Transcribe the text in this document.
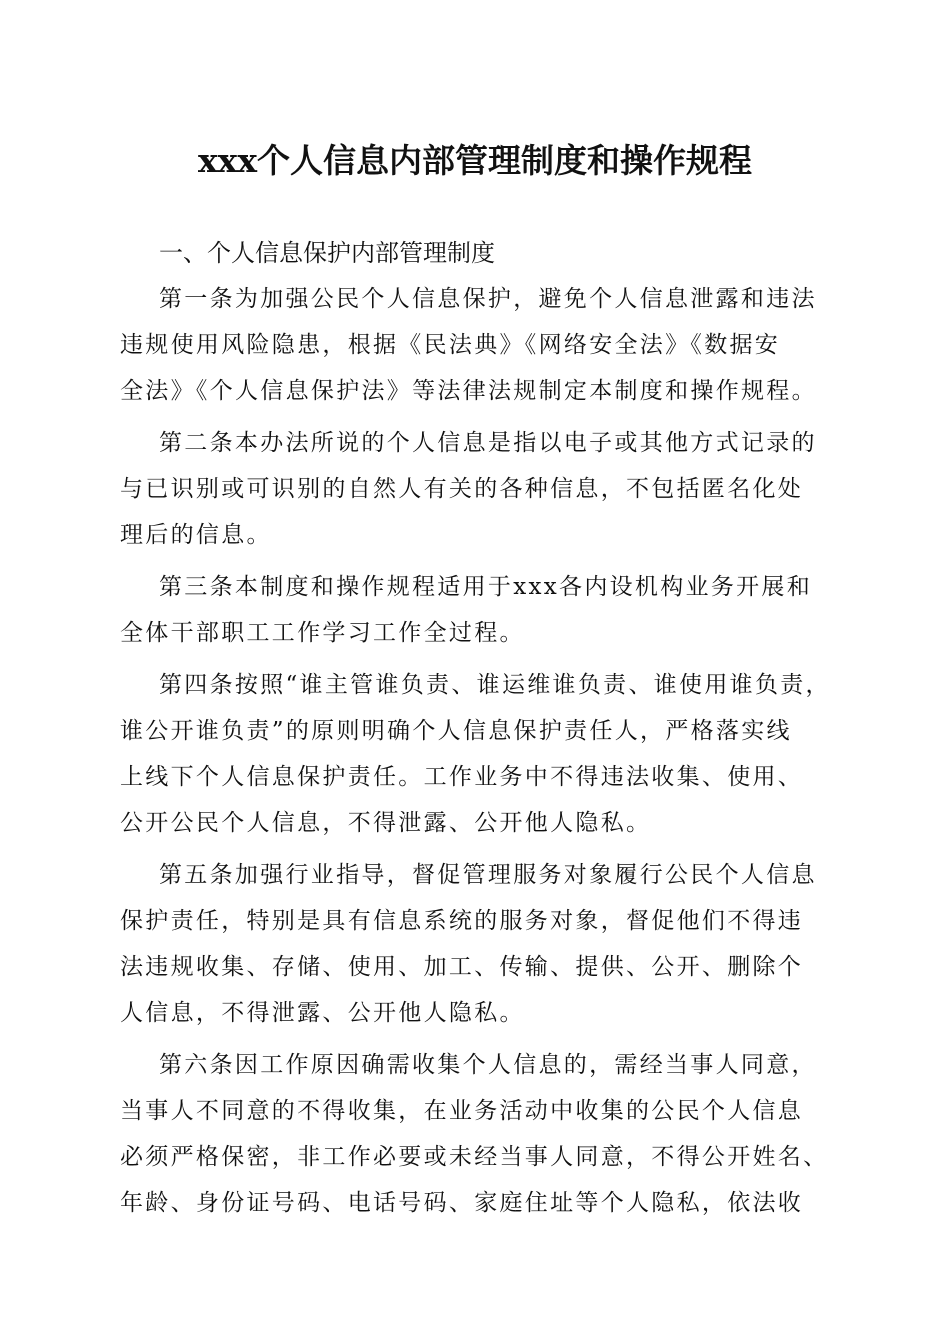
xxx个人信息内部管理制度和操作规程
一、个人信息保护内部管理制度
第一条为加强公民个人信息保护，避免个人信息泄露和违法
违规使用风险隐患，根据《民法典》《网络安全法》《数据安
全法》《个人信息保护法》等法律法规制定本制度和操作规程。
第二条本办法所说的个人信息是指以电子或其他方式记录的
与已识别或可识别的自然人有关的各种信息，不包括匿名化处
理后的信息。
第三条本制度和操作规程适用于xxx各内设机构业务开展和
全体干部职工工作学习工作全过程。
第四条按照“谁主管谁负责、谁运维谁负责、谁使用谁负责，
谁公开谁负责”的原则明确个人信息保护责任人，严格落实线
上线下个人信息保护责任。工作业务中不得违法收集、使用、
公开公民个人信息，不得泄露、公开他人隐私。
第五条加强行业指导，督促管理服务对象履行公民个人信息
保护责任，特别是具有信息系统的服务对象，督促他们不得违
法违规收集、存储、使用、加工、传输、提供、公开、删除个
人信息，不得泄露、公开他人隐私。
第六条因工作原因确需收集个人信息的，需经当事人同意，
当事人不同意的不得收集，在业务活动中收集的公民个人信息
必须严格保密，非工作必要或未经当事人同意，不得公开姓名、
年龄、身份证号码、电话号码、家庭住址等个人隐私，依法收
